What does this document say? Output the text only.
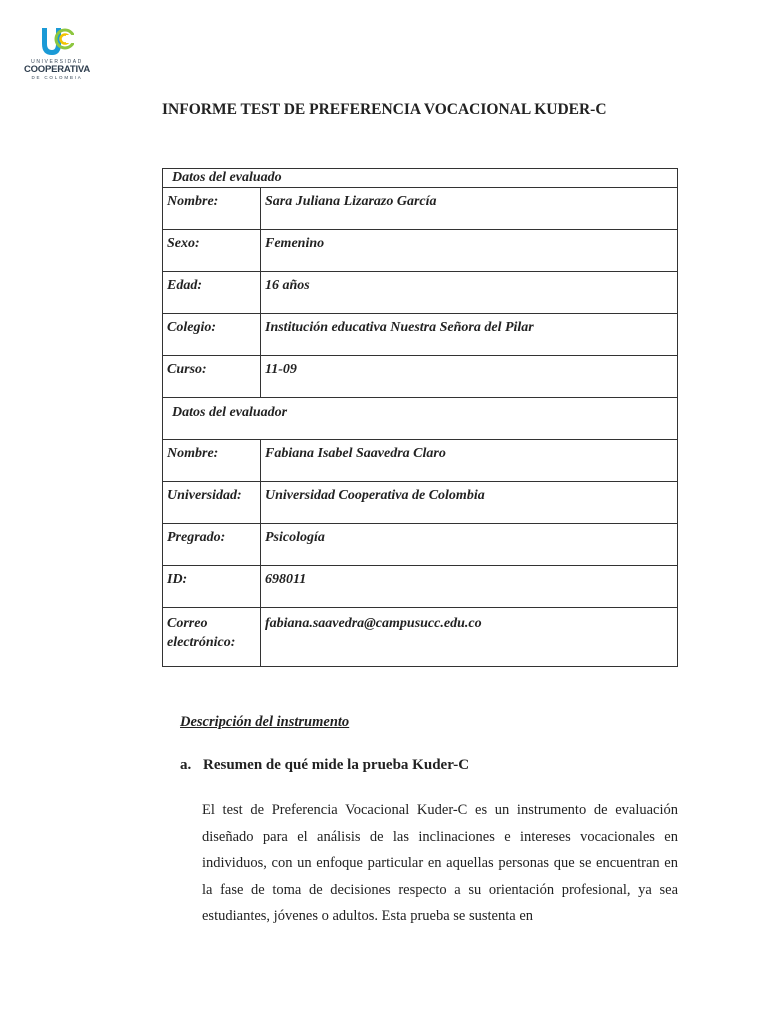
UNIVERSIDAD
COOPERATIVA
DE COLOMBIA
INFORME TEST DE PREFERENCIA VOCACIONAL KUDER-C
Datos del evaluado	
Nombre:	Sara Juliana Lizarazo García
Sexo:	Femenino
Edad:	16 años
Colegio:	Institución educativa Nuestra Señora del Pilar
Curso:	11-09
Datos del evaluador	
Nombre:	Fabiana Isabel Saavedra Claro
Universidad:	Universidad Cooperativa de Colombia
Pregrado:	Psicología
ID:	698011
Correo electrónico:	fabiana.saavedra@campusucc.edu.co
Descripción del instrumento
a. Resumen de qué mide la prueba Kuder-C

El test de Preferencia Vocacional Kuder-C es un instrumento de evaluación diseñado para el análisis de las inclinaciones e intereses vocacionales en individuos, con un enfoque particular en aquellas personas que se encuentran en la fase de toma de decisiones respecto a su orientación profesional, ya sea estudiantes, jóvenes o adultos. Esta prueba se sustenta en
